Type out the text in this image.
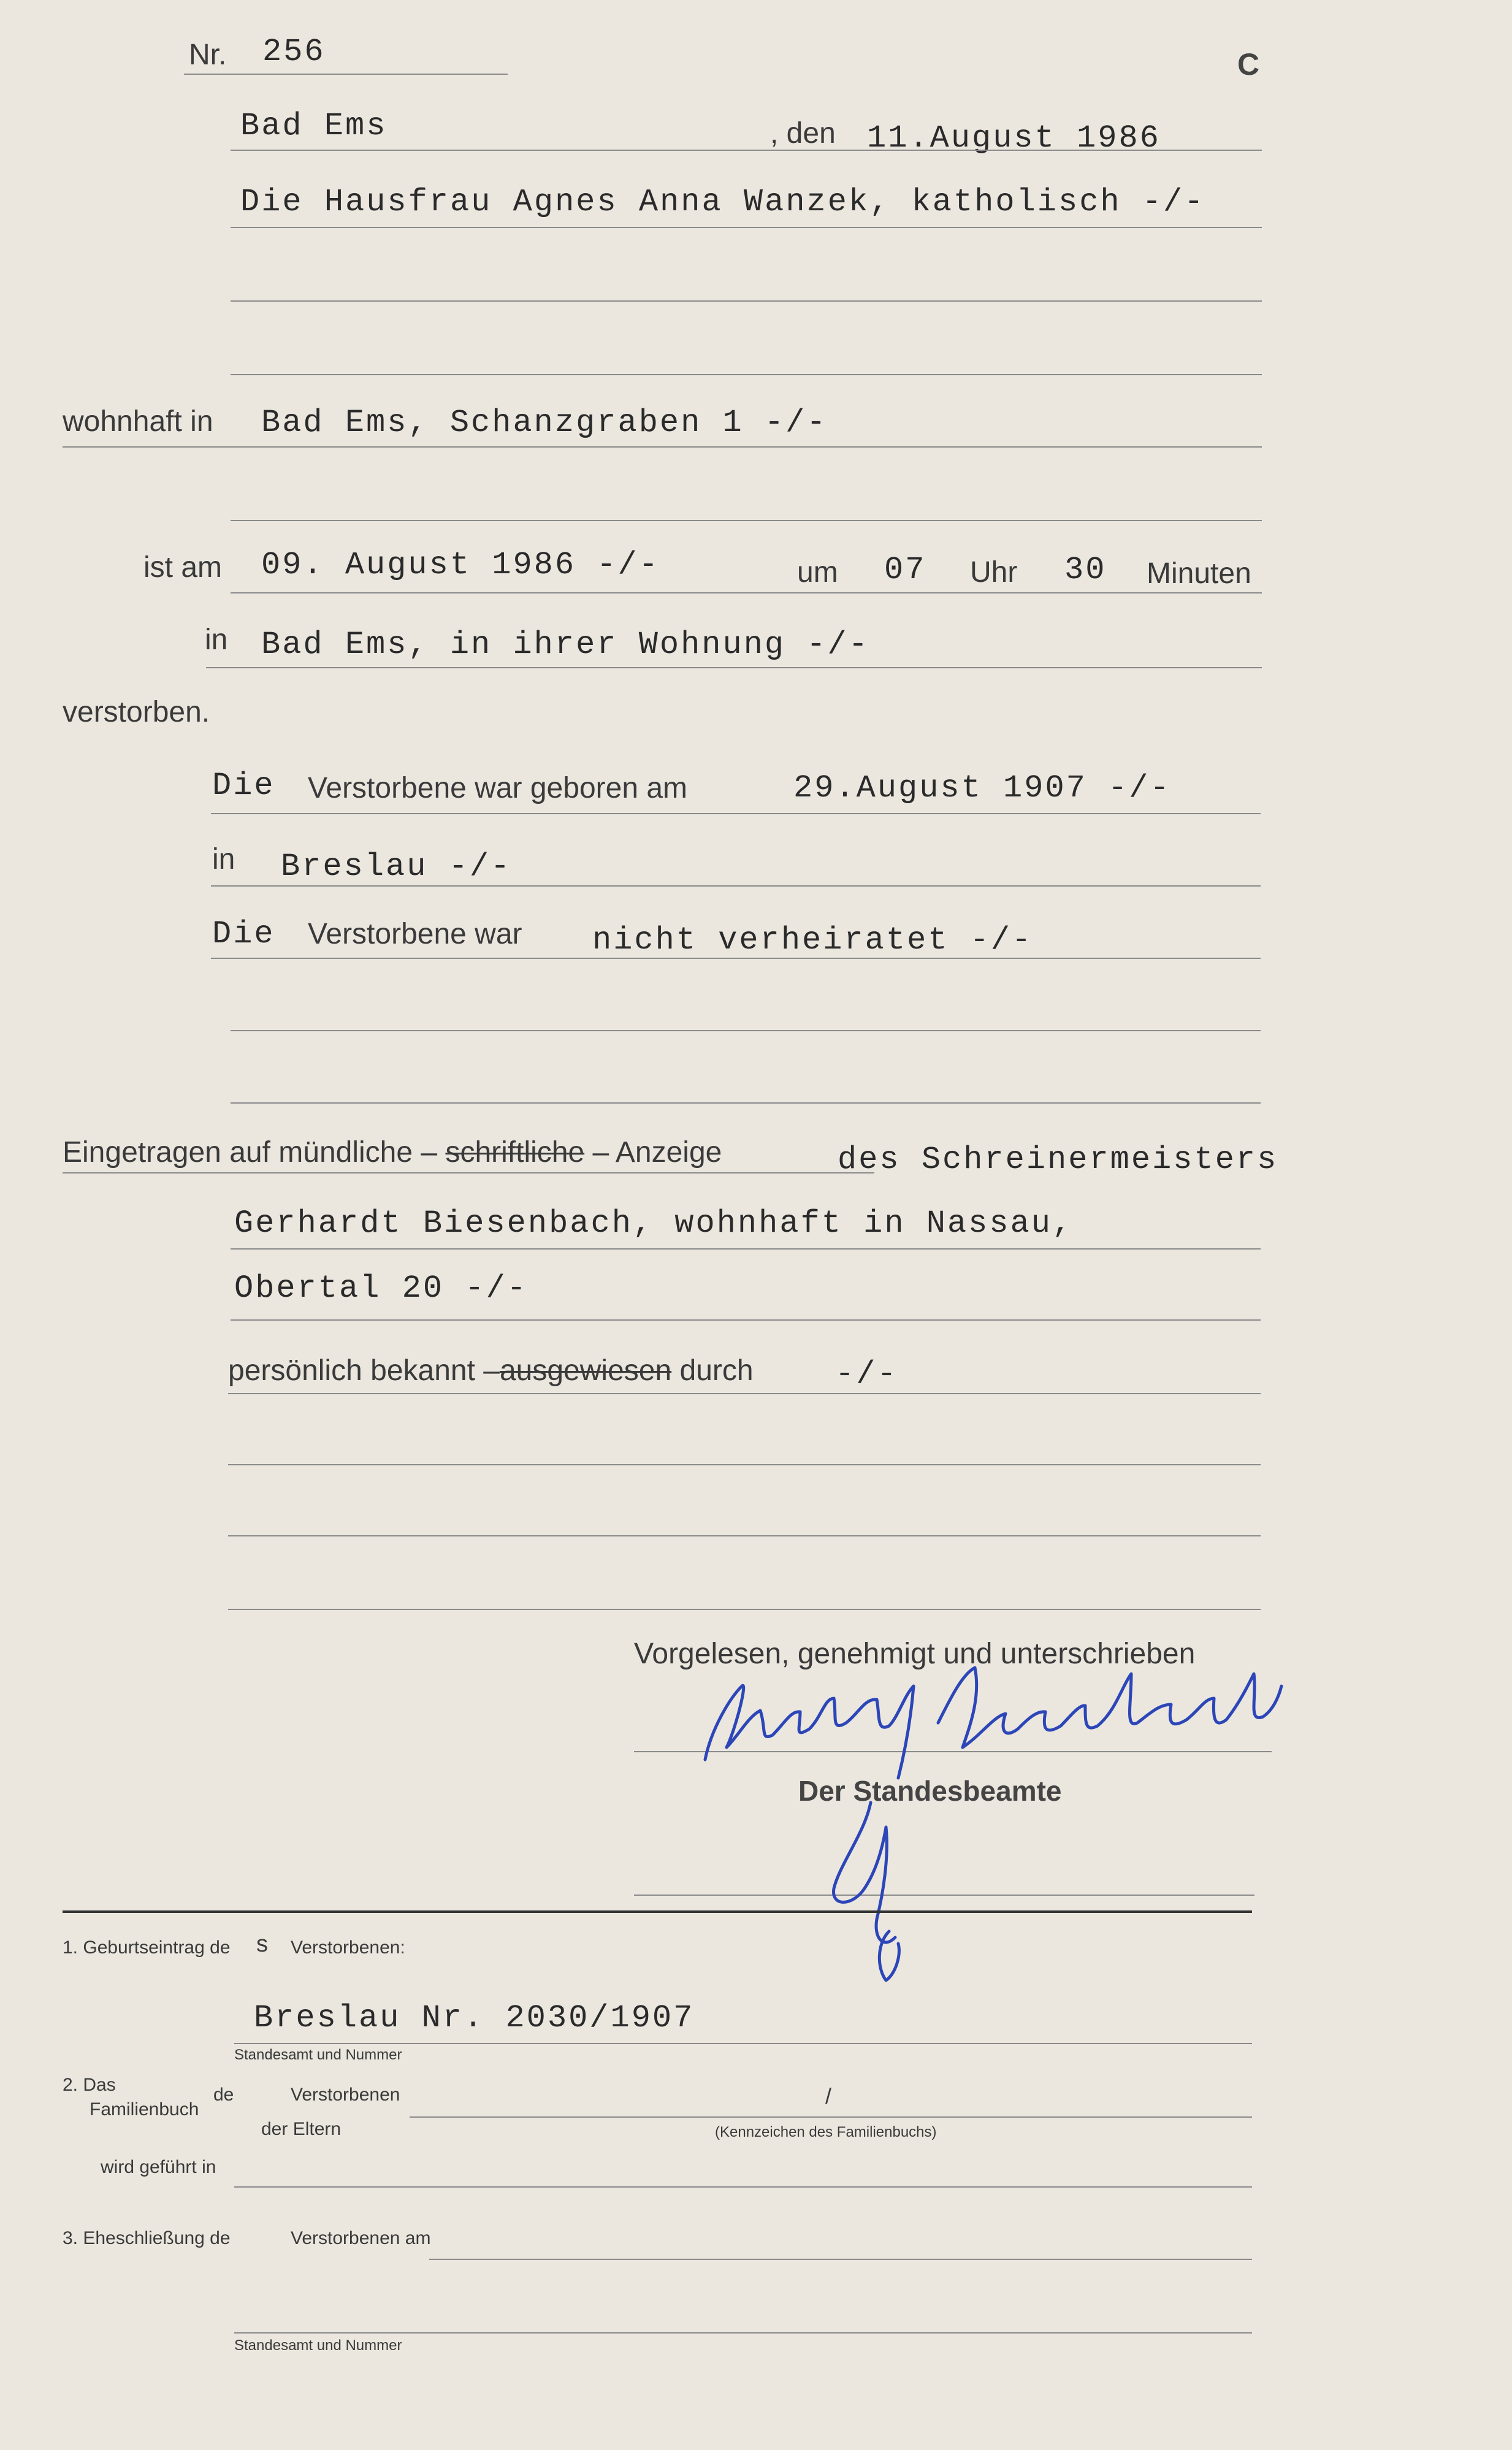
Nr. 256	C
Bad Ems	, den 11.August 1986
Die Hausfrau Agnes Anna Wanzek, katholisch -/-
wohnhaft in Bad Ems, Schanzgraben 1 -/-
ist am 09. August 1986 -/-	um 07 Uhr 30 Minuten
in Bad Ems, in ihrer Wohnung -/-
verstorben.
Die Verstorbene war geboren am	29.August 1907 -/-
in Breslau -/-
Die Verstorbene war nicht verheiratet -/-
Eingetragen auf mündliche – schriftliche – Anzeige	des Schreinermeisters
Gerhardt Biesenbach, wohnhaft in Nassau,
Obertal 20 -/-
persönlich bekannt –ausgewiesen durch	-/-
Vorgelesen, genehmigt und unterschrieben
Der Standesbeamte
1. Geburtseintrag de s Verstorbenen:
Breslau Nr. 2030/1907
Standesamt und Nummer
2. Das
Familienbuch
de	Verstorbenen	/
der Eltern	(Kennzeichen des Familienbuchs)
wird geführt in
3. Eheschließung de	Verstorbenen am
Standesamt und Nummer
